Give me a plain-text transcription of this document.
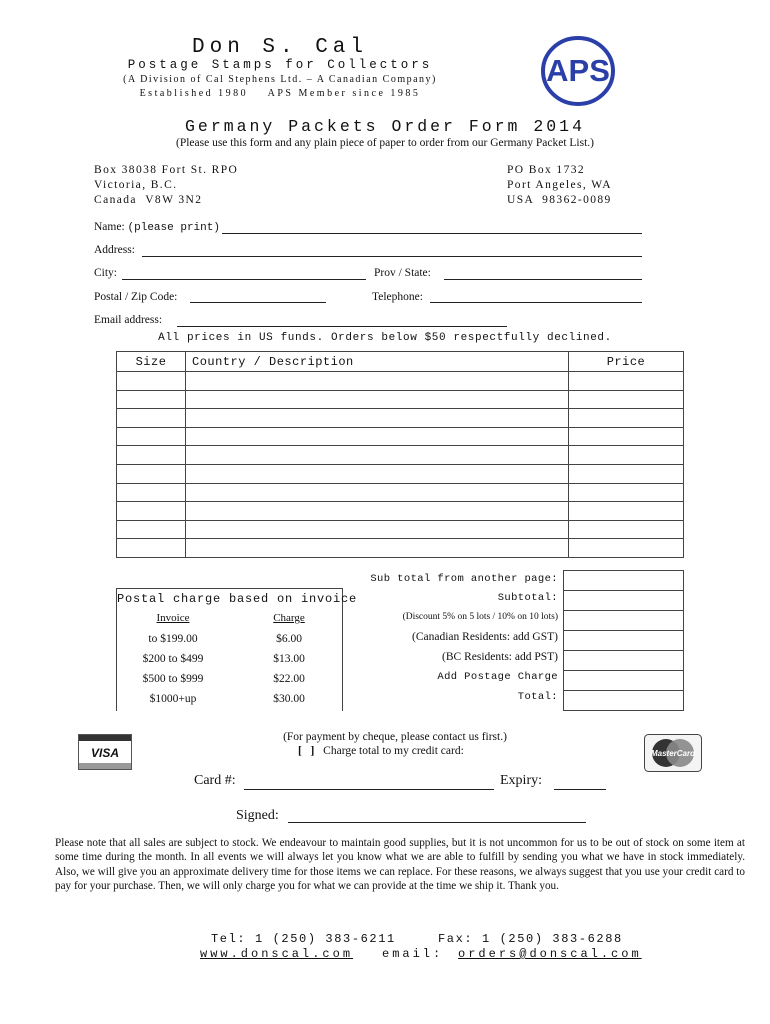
Don S. Cal
Postage Stamps for Collectors
(A Division of Cal Stephens Ltd. – A Canadian Company)
Established 1980    APS Member since 1985
APS
Germany Packets Order Form 2014
(Please use this form and any plain piece of paper to order from our Germany Packet List.)
Box 38038 Fort St. RPO
Victoria, B.C.
Canada  V8W 3N2
PO Box 1732
Port Angeles, WA
USA  98362-0089
Name: (please print)
Address:
City:	Prov / State:
Postal / Zip Code:	Telephone:
Email address:
All prices in US funds. Orders below $50 respectfully declined.
Size	Country / Description	Price

Sub total from another page:
Subtotal:
(Discount 5% on 5 lots / 10% on 10 lots)
(Canadian Residents: add GST)
(BC Residents: add PST)
Add Postage Charge
Total:

Postal charge based on invoice
Invoice	Charge
to $199.00	$6.00
$200 to $499	$13.00
$500 to $999	$22.00
$1000+up	$30.00
(For payment by cheque, please contact us first.)
[   ] Charge total to my credit card:
VISA	MasterCard
Card #:	Expiry:
Signed:
Please note that all sales are subject to stock. We endeavour to maintain good supplies, but it is not uncommon for us to be out of stock on some item at some time during the month. In all events we will always let you know what we are able to fulfill by sending you what we have in stock immediately. Also, we will give you an approximate delivery time for those items we can replace. For these reasons, we always suggest that you use your credit card to pay for your purchase. Then, we will only charge you for what we can provide at the time we ship it. Thank you.
Tel: 1 (250) 383-6211	Fax: 1 (250) 383-6288
www.donscal.com email: orders@donscal.com
